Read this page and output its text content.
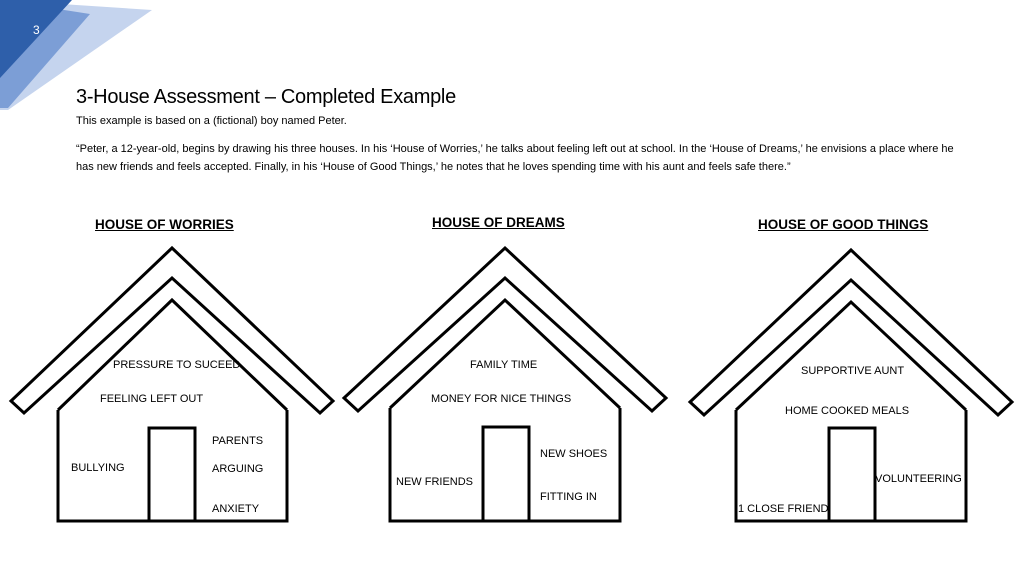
3
3-House Assessment – Completed Example

This example is based on a (fictional) boy named Peter.

“Peter, a 12-year-old, begins by drawing his three houses. In his ‘House of Worries,’ he talks about feeling left out at school. In the ‘House of Dreams,’ he envisions a place where he has new friends and feels accepted. Finally, in his ‘House of Good Things,’ he notes that he loves spending time with his aunt and feels safe there.”

HOUSE OF WORRIES	HOUSE OF DREAMS	HOUSE OF GOOD THINGS
PRESSURE TO SUCEED
FEELING LEFT OUT
BULLYING
PARENTS
ARGUING
ANXIETY
FAMILY TIME
MONEY FOR NICE THINGS
NEW SHOES
NEW FRIENDS
FITTING IN
SUPPORTIVE AUNT
HOME COOKED MEALS
VOLUNTEERING
1 CLOSE FRIEND
